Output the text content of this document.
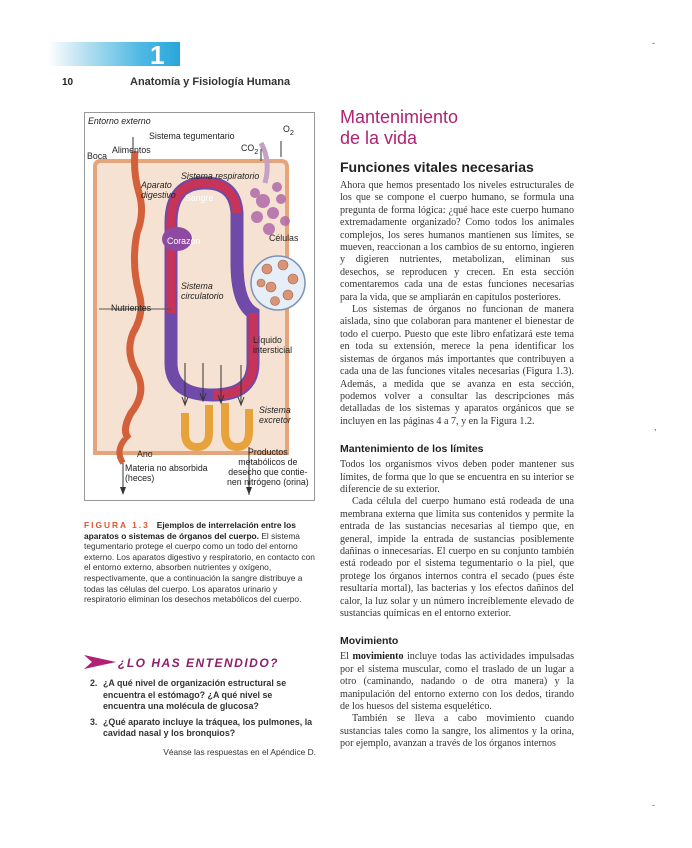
1
10	Anatomía y Fisiología Humana
-
,
-
Entorno externo
Sistema tegumentario
$O_2$
$CO_2$
Alimentos
Boca
Sistema respiratorio
Aparato
digestivo Sangre
Corazón	Células
Sistema
circulatorio
Nutrientes
Líquido
intersticial
Sistema
excretor
Ano
Materia no absorbida
(heces)
Productos
metabólicos de
desecho que contie-
nen nitrógeno (orina)
FIGURA 1.3 Ejemplos de interrelación entre los aparatos o sistemas de órganos del cuerpo. El sistema tegumentario protege el cuerpo como un todo del entorno externo. Los aparatos digestivo y respiratorio, en contacto con el entorno externo, absorben nutrientes y oxígeno, respectivamente, que a continuación la sangre distribuye a todas las células del cuerpo. Los aparatos urinario y respiratorio eliminan los desechos metabólicos del cuerpo.
¿LO HAS ENTENDIDO?
2. ¿A qué nivel de organización estructural se encuentra el estómago? ¿A qué nivel se encuentra una molécula de glucosa?
3. ¿Qué aparato incluye la tráquea, los pulmones, la cavidad nasal y los bronquios?
Véanse las respuestas en el Apéndice D.
Mantenimiento
de la vida
Funciones vitales necesarias

Ahora que hemos presentado los niveles estructurales de los que se compone el cuerpo humano, se formula una pregunta de forma lógica: ¿qué hace este cuerpo humano extremadamente organizado? Como todos los animales complejos, los seres humanos mantienen sus límites, se mueven, reaccionan a los cambios de su entorno, ingieren y digieren nutrientes, metabolizan, eliminan sus desechos, se reproducen y crecen. En esta sección comentaremos cada una de estas funciones necesarias para la vida, que se ampliarán en capítulos posteriores.

Los sistemas de órganos no funcionan de manera aislada, sino que colaboran para mantener el bienestar de todo el cuerpo. Puesto que este libro enfatizará este tema en toda su extensión, merece la pena identificar los sistemas de órganos más importantes que contribuyen a cada una de las funciones vitales necesarias (Figura 1.3). Además, a medida que se avanza en esta sección, podemos volver a consultar las descripciones más detalladas de los sistemas y aparatos orgánicos que se incluyen en las páginas 4 a 7, y en la Figura 1.2.

Mantenimiento de los límites

Todos los organismos vivos deben poder mantener sus límites, de forma que lo que se encuentra en su interior se diferencie de su exterior.

Cada célula del cuerpo humano está rodeada de una membrana externa que limita sus contenidos y permite la entrada de las sustancias necesarias al tiempo que, en general, impide la entrada de sustancias posiblemente dañinas o innecesarias. El cuerpo en su conjunto también está rodeado por el sistema tegumentario o la piel, que protege los órganos internos contra el secado (pues éste resultaría mortal), las bacterias y los efectos dañinos del calor, la luz solar y un número increíblemente elevado de sustancias químicas en el entorno exterior.

Movimiento

El movimiento incluye todas las actividades impulsadas por el sistema muscular, como el traslado de un lugar a otro (caminando, nadando o de otra manera) y la manipulación del entorno externo con los dedos, tirando de los huesos del sistema esquelético.

También se lleva a cabo movimiento cuando sustancias tales como la sangre, los alimentos y la orina, por ejemplo, avanzan a través de los órganos internos
